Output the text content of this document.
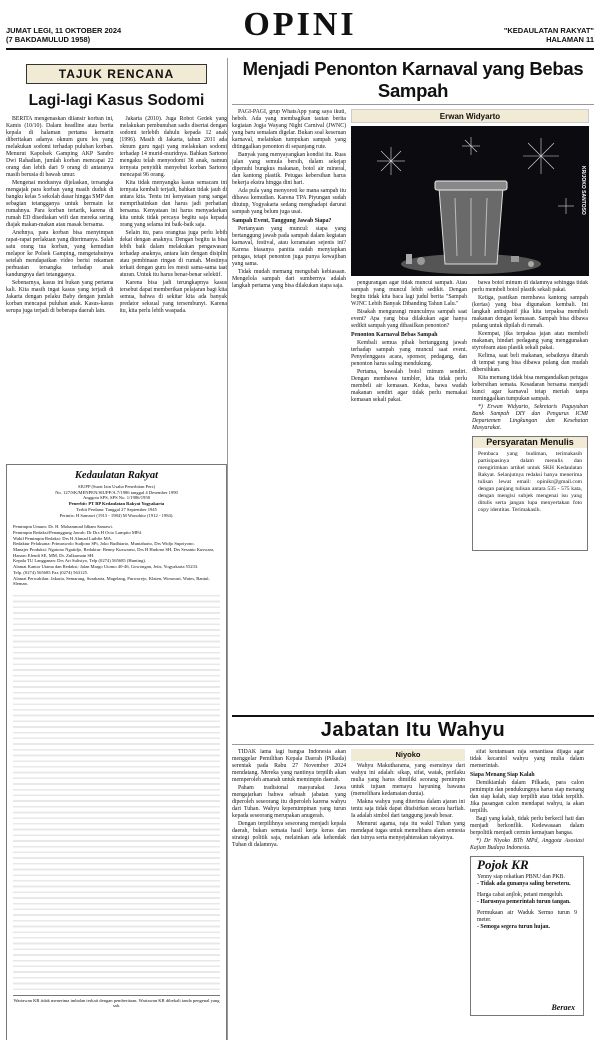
OPINI
JUMAT LEGI, 11 OKTOBER 2024
(7 BAKDAMULUD 1958)
"KEDAULATAN RAKYAT"
HALAMAN 11
TAJUK RENCANA
Lagi-lagi Kasus Sodomi

BERITA mengenaskan dilansir korban ini, Kamis (10/10). Dalam headline atau berita kepala di halaman pertama kemarin diberitakan adanya oknum guru les yang melakukan sodomi terhadap puluhan korban. Menurut Kapolsek Gamping AKP Sandro Dwi Rahadian, jumlah korban mencapai 22 orang dan lebih dari 9 orang di antaranya masih berusia di bawah umur.

Mengenai modusnya dijelaskan, tersangka mengajak para korban yang masih duduk di bangku kelas 5 sekolah dasar hingga SMP dan sebagian tetangganya untuk bermain ke rumahnya. Para korban tertarik, karena di rumah ED disediakan wifi dan mereka sering diajak makan-makan atau masak bersama.

Anehnya, para korban bisa menyimpan rapat-rapat perlakuan yang diterimanya. Salah satu orang tua korban, yang kemudian melapor ke Polsek Gamping, mengetahuinya setelah mendapatkan video berisi rekaman perbuatan tersangka terhadap anak kandungnya dari tetangganya.

Sebenarnya, kasus ini bukan yang pertama kali. Kita masih ingat kasus yang terjadi di Jakarta dengan pelaku Baby dengan jumlah korban mencapai puluhan anak. Kasus-kasus serupa juga terjadi di beberapa daerah lain.

Jakarta (2010). Juga Robot Gedek yang melakukan pembunuhan sadis disertai dengan sodomi terlebih dahulu kepada 12 anak (1996). Masih di Jakarta, tahun 2011 ada oknum guru ngaji yang melakukan sodomi terhadap 14 murid-muridnya. Bahkan Sartono mengaku telah menyodomi 38 anak, namun ternyata penyidik menyebut korban Sartono mencapai 96 orang.

Kita tidak menyangka kasus semacam ini ternyata kembali terjadi, bahkan tidak jauh di antara kita. Tentu ini kenyataan yang sangat memprihatinkan dan harus jadi perhatian bersama. Kenyataan ini harus menyadarkan kita untuk tidak percaya begitu saja kepada orang yang selama ini baik-baik saja.

Selain itu, para orangtua juga perlu lebih dekat dengan anaknya. Dengan begitu ia bisa lebih baik dalam melakukan pengawasan terhadap anaknya, antara lain dengan disiplin atau pembinaan ringan di rumah. Mestinya terkait dengan guru les mesti sama-sama taat aturan. Untuk itu harus benar-benar selektif.

Karena bisa jadi terungkapnya kasus tersebut dapat memberikan pelajaran bagi kita semua, bahwa di sekitar kita ada banyak predator seksual yang tersembunyi. Karena itu, kita perlu lebih waspada.

Kedaulatan Rakyat
SIUPP (Surat Izin Usaha Penerbitan Pers)
No. 127/SK/MENPEN/SIUPP/A.7/1986 tanggal 4 Desember 1990
Anggota SPS, SPS No. 1/1986/1958
Penerbit: PT BP Kedaulatan Rakyat Yogyakarta
Terbit Perdana: Tanggal 27 September 1945
Perintis: H Samawi (1913 - 1984) M Wonohito (1912 - 1984).
Pemimpin Umum: Dr. H. Mohammad Idham Samawi.
Pemimpin Redaksi/Penanggung Jawab: Dr Drs H Octo Lampito MPd.
Wakil Pemimpin Redaksi: Drs H Ahmad Luthfie MA.
Redaktur Pelaksana: Primaswolo Sudjono SPt, Joko Budhiarto, Muntaharto, Drs Widjo Supriyono.
Manajer Produksi: Ngatono Ngatidjo, Redaktur: Benny Kuswarno, Drs H Hudono SH, Drs Sesanto Kuswara, Hanaro Efendi SE, MM, Dr. Zulkarnain SH.
Kepala TU Langganan: Drs Ari Sulistyo, Telp (0274) 565685 (Hunting).
Alamat Kantor Utama dan Redaksi: Jalan Margo Utomo 40-46, Gowongan, Jetis, Yogyakarta 55233.
Telp. (0274) 565685 Fax (0274) 563125.
Alamat Perwakilan: Jakarta, Semarang, Surakarta, Magelang, Purworejo, Klaten, Wonosari, Wates, Bantul, Sleman.
Wartawan KR tidak menerima imbalan terkait dengan pemberitaan. Wartawan KR dibekali tanda pengenal yang sah.
Menjadi Penonton Karnaval yang Bebas Sampah

PAGI-PAGI, grup WhatsApp yang saya ikuti, heboh. Ada yang membagikan tautan berita kegiatan Jogja Wayang Night Carnival (JWNC) yang baru semalam digelar. Bukan soal keseruan karnaval, melainkan tumpukan sampah yang ditinggalkan penonton di sepanjang rute.

Banyak yang menyayangkan kondisi itu. Ruas jalan yang semula bersih, dalam sekejap dipenuhi bungkus makanan, botol air mineral, dan kantong plastik. Petugas kebersihan harus bekerja ekstra hingga dini hari.

Ada pula yang menyoroti ke mana sampah itu dibawa kemudian. Karena TPA Piyungan sudah ditutup, Yogyakarta sedang menghadapi darurat sampah yang belum juga usai.

Sampah Event, Tanggung Jawab Siapa?

Pertanyaan yang muncul: siapa yang bertanggung jawab pada sampah dalam kegiatan karnaval, festival, atau keramaian sejenis ini? Karena biasanya panitia sudah menyiapkan petugas, tetapi penonton juga punya kewajiban yang sama.

Tidak mudah memang mengubah kebiasaan. Mengelola sampah dari sumbernya adalah langkah pertama yang bisa dilakukan siapa saja.

Erwan Widyarto
KR/JOKO SANTOSO

pengurangan agar tidak muncul sampah. Atau sampah yang muncul lebih sedikit. Dengan begitu tidak kita baca lagi judul berita "Sampah WJNC Lebih Banyak Dibanding Tahun Lalu."

Bisakah mengurangi munculnya sampah saat event? Apa yang bisa dilakukan agar hanya sedikit sampah yang dihasilkan penonton?

Penonton Karnaval Bebas Sampah

Kembali semua pihak bertanggung jawab terhadap sampah yang muncul saat event. Penyelenggara acara, sponsor, pedagang, dan penonton harus saling mendukung.

Pertama, bawalah botol minum sendiri. Dengan membawa tumbler, kita tidak perlu membeli air kemasan. Kedua, bawa wadah makanan sendiri agar tidak perlu memakai kemasan sekali pakai.

bawa botol minum di dalamnya sehingga tidak perlu membeli botol plastik sekali pakai.

Ketiga, pastikan membawa kantong sampah (kertas) yang bisa digunakan kembali. Ini langkah antisipatif jika kita terpaksa membeli makanan dengan kemasan. Sampah bisa dibawa pulang untuk dipilah di rumah.

Keempat, jika terpaksa jajan atau membeli makanan, hindari pedagang yang menggunakan styrofoam atau plastik sekali pakai.

Kelima, saat beli makanan, sebaiknya ditaruh di tempat yang bisa dibawa pulang dan mudah dibersihkan.

Kita memang tidak bisa mengandalkan petugas kebersihan semata. Kesadaran bersama menjadi kunci agar karnaval tetap meriah tanpa meninggalkan tumpukan sampah.

*) Erwan Widyarto, Sekretaris Paguyuban Bank Sampah DIY dan Pengurus ICMI Departemen Lingkungan dan Kesehatan Masyarakat.

Persyaratan Menulis
Pembaca yang budiman, terimakasih partisipasinya dalam menulis dan mengirimkan artikel untuk SKH Kedaulatan Rakyat. Selanjutnya redaksi hanya menerima tulisan lewat email: opinikr@gmail.com dengan panjang tulisan antara 535 - 575 kata, dengan mengisi subjek mengenai isu yang ditulis serta jangan lupa menyertakan foto copy identitas. Terimakasih.
Jabatan Itu Wahyu

TIDAK lama lagi bangsa Indonesia akan menggelar Pemilihan Kepala Daerah (Pilkada) serentak pada Rabu 27 November 2024 mendatang. Mereka yang nantinya terpilih akan memperoleh amanah untuk memimpin daerah.

Paham tradisional masyarakat Jawa mengajarkan bahwa sebuah jabatan yang diperoleh seseorang itu diperoleh karena wahyu dari Tuhan. Wahyu kepemimpinan yang turun kepada seseorang merupakan anugerah.

Dengan terpilihnya seseorang menjadi kepala daerah, bukan semata hasil kerja keras dan strategi politik saja, melainkan ada kehendak Tuhan di dalamnya.

Niyoko

Wahyu Makutharama, yang esensinya dari wahyu ini adalah: sikap, sifat, watak, perilaku mulia yang harus dimiliki seorang pemimpin untuk tujuan memayu hayuning bawana (memelihara kedamaian dunia).

Makna wahyu yang diterima dalam ajaran ini tentu saja tidak dapat ditafsirkan secara harfiah. Ia adalah simbol dari tanggung jawab besar.

Menurut agama, raja itu wakil Tuhan yang mendapat tugas untuk memelihara alam semesta dan isinya serta menyejahterakan rakyatnya.

sifat keutamaan raja senantiasa dijaga agar tidak kecantol wahyu yang mulia dalam memerintah.

Siapa Menang Siap Kalah

Demikianlah dalam Pilkada, para calon pemimpin dan pendukungnya harus siap menang dan siap kalah, siap terpilih atau tidak terpilih. Jika pasangan calon mendapat wahyu, ia akan terpilih.

Bagi yang kalah, tidak perlu berkecil hati dan menjadi berkonflik. Kedewasaan dalam berpolitik menjadi cermin kemajuan bangsa.

*) Dr Niyoko BTh MPd, Anggota Asosiasi Kajian Budaya Indonesia.

Pojok KR
Yenny siap rekatkan PBNU dan PKB.
- Tidak ada gunanya saling berseteru.
Harga cabai anjlok, petani mengeluh.
- Harusnya pemerintah turun tangan.
Permukaan air Waduk Sermo turun 9 meter.
- Semoga segera turun hujan.
Beraex
